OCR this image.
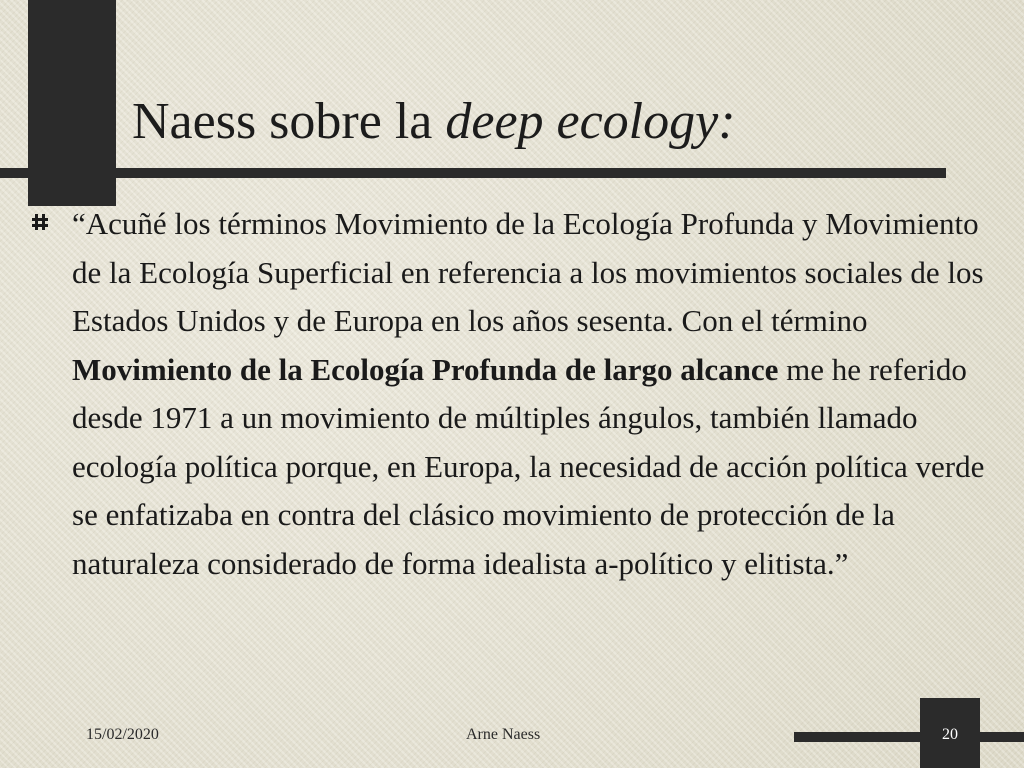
Naess sobre la deep ecology:

“Acuñé los términos Movimiento de la Ecología Profunda y Movimiento de la Ecología Superficial en referencia a los movimientos sociales de los Estados Unidos y de Europa en los años sesenta. Con el término Movimiento de la Ecología Profunda de largo alcance me he referido desde 1971 a un movimiento de múltiples ángulos, también llamado ecología política porque, en Europa, la necesidad de acción política verde se enfatizaba en contra del clásico movimiento de protección de la naturaleza considerado de forma idealista a-político y elitista.”

15/02/2020	Arne Naess	20
